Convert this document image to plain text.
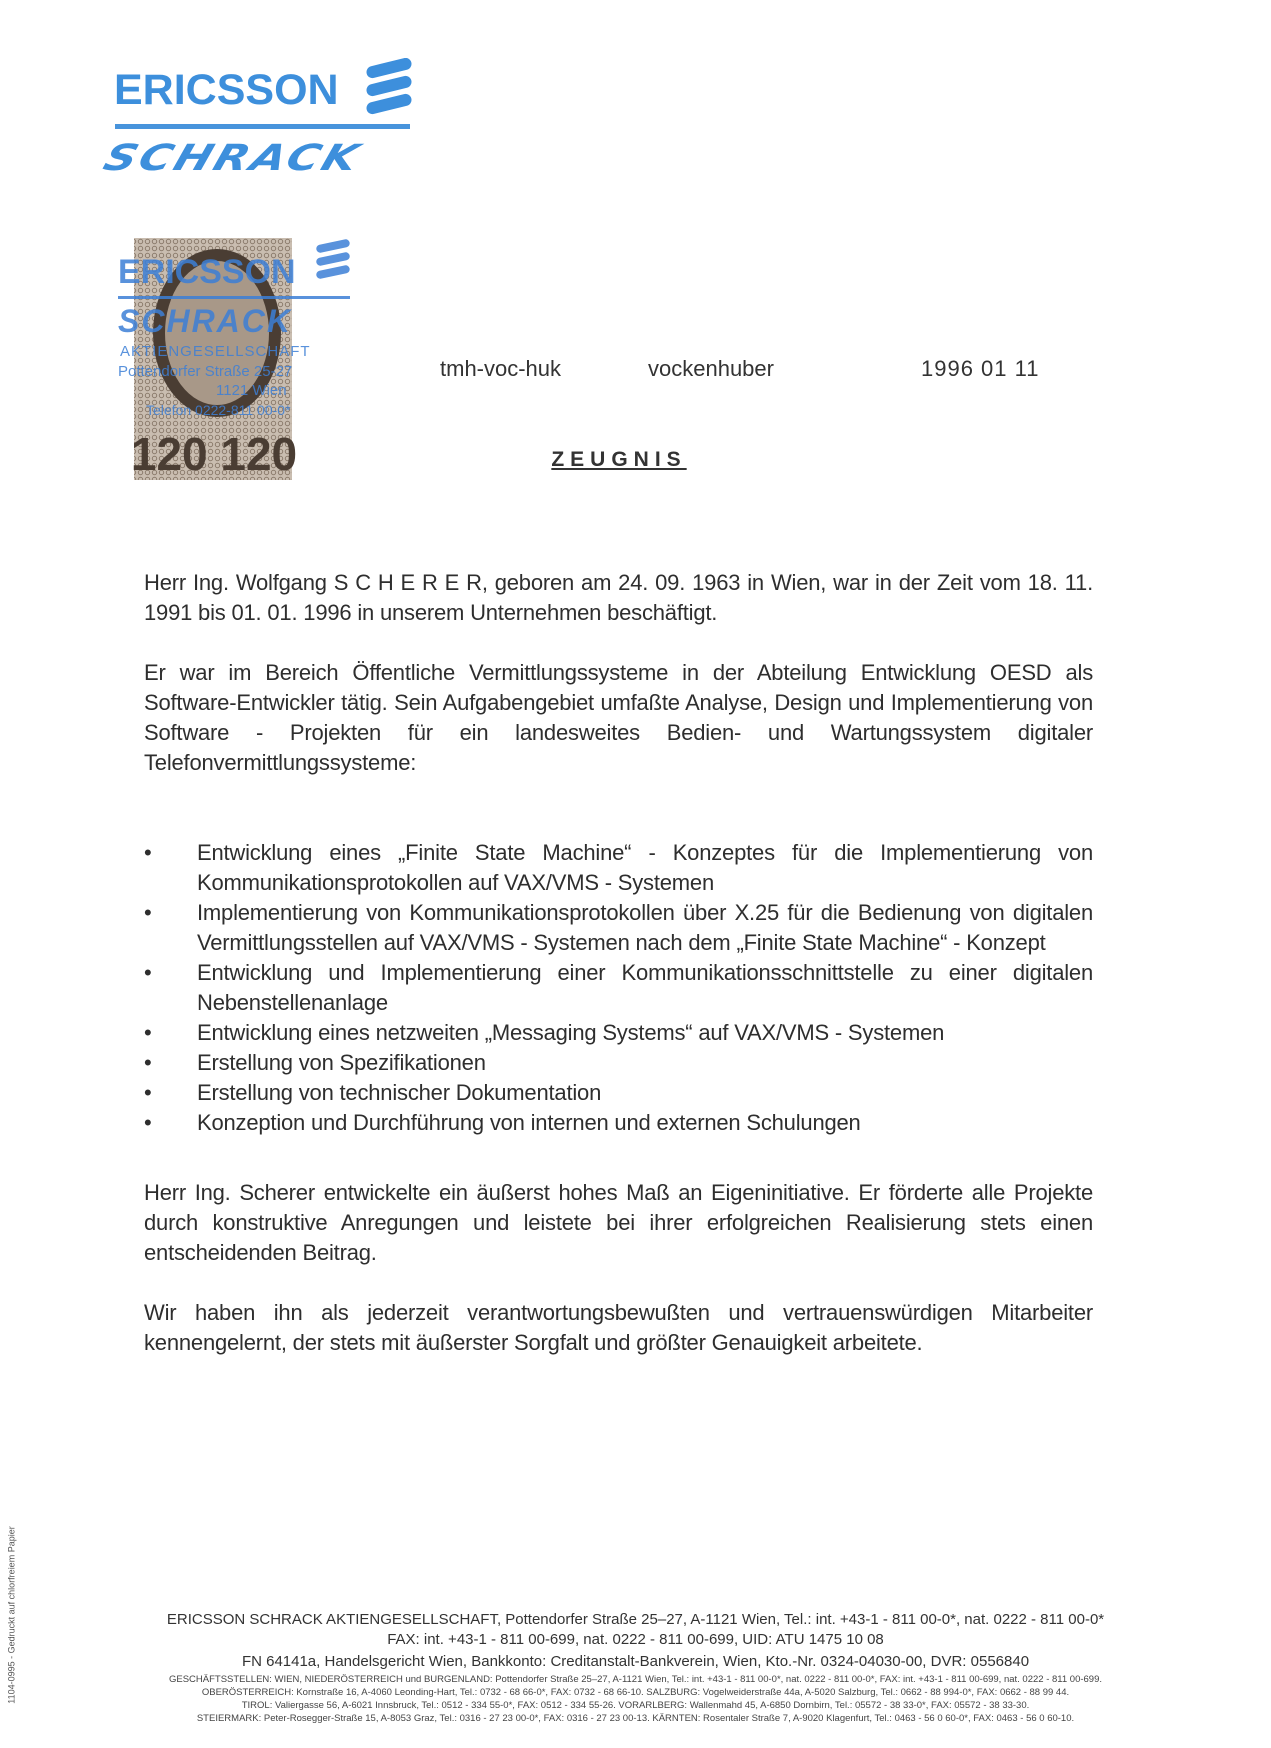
ERICSSON
SCHRACK
120 120
ERICSSON
SCHRACK
AKTIENGESELLSCHAFT
Pottendorfer Straße 25-27
1121 Wien
Telefon 0222-811 00-0*
tmh-voc-huk	vockenhuber	1996 01 11
ZEUGNIS

Herr Ing. Wolfgang S C H E R E R, geboren am 24. 09. 1963 in Wien, war in der Zeit vom 18. 11. 1991 bis 01. 01. 1996 in unserem Unternehmen beschäftigt.

Er war im Bereich Öffentliche Vermittlungssysteme in der Abteilung Entwicklung OESD als Software-Entwickler tätig. Sein Aufgabengebiet umfaßte Analyse, Design und Implementierung von Software - Projekten für ein landesweites Bedien- und Wartungssystem digitaler Telefonvermittlungssysteme:

• Entwicklung eines „Finite State Machine“ - Konzeptes für die Implementierung von Kommunikationsprotokollen auf VAX/VMS - Systemen
• Implementierung von Kommunikationsprotokollen über X.25 für die Bedienung von digitalen Vermittlungsstellen auf VAX/VMS - Systemen nach dem „Finite State Machine“ - Konzept
• Entwicklung und Implementierung einer Kommunikationsschnittstelle zu einer digitalen Nebenstellenanlage
• Entwicklung eines netzweiten „Messaging Systems“ auf VAX/VMS - Systemen
• Erstellung von Spezifikationen
• Erstellung von technischer Dokumentation
• Konzeption und Durchführung von internen und externen Schulungen

Herr Ing. Scherer entwickelte ein äußerst hohes Maß an Eigeninitiative. Er förderte alle Projekte durch konstruktive Anregungen und leistete bei ihrer erfolgreichen Realisierung stets einen entscheidenden Beitrag.

Wir haben ihn als jederzeit verantwortungsbewußten und vertrauenswürdigen Mitarbeiter kennengelernt, der stets mit äußerster Sorgfalt und größter Genauigkeit arbeitete.

ERICSSON SCHRACK AKTIENGESELLSCHAFT, Pottendorfer Straße 25–27, A-1121 Wien, Tel.: int. +43-1 - 811 00-0*, nat. 0222 - 811 00-0*
FAX: int. +43-1 - 811 00-699, nat. 0222 - 811 00-699, UID: ATU 1475 10 08
FN 64141a, Handelsgericht Wien, Bankkonto: Creditanstalt-Bankverein, Wien, Kto.-Nr. 0324-04030-00, DVR: 0556840
GESCHÄFTSSTELLEN: WIEN, NIEDERÖSTERREICH und BURGENLAND: Pottendorfer Straße 25–27, A-1121 Wien, Tel.: int. +43-1 - 811 00-0*, nat. 0222 - 811 00-0*, FAX: int. +43-1 - 811 00-699, nat. 0222 - 811 00-699.
OBERÖSTERREICH: Kornstraße 16, A-4060 Leonding-Hart, Tel.: 0732 - 68 66-0*, FAX: 0732 - 68 66-10. SALZBURG: Vogelweiderstraße 44a, A-5020 Salzburg, Tel.: 0662 - 88 994-0*, FAX: 0662 - 88 99 44.
TIROL: Valiergasse 56, A-6021 Innsbruck, Tel.: 0512 - 334 55-0*, FAX: 0512 - 334 55-26. VORARLBERG: Wallenmahd 45, A-6850 Dornbirn, Tel.: 05572 - 38 33-0*, FAX: 05572 - 38 33-30.
STEIERMARK: Peter-Rosegger-Straße 15, A-8053 Graz, Tel.: 0316 - 27 23 00-0*, FAX: 0316 - 27 23 00-13. KÄRNTEN: Rosentaler Straße 7, A-9020 Klagenfurt, Tel.: 0463 - 56 0 60-0*, FAX: 0463 - 56 0 60-10.
1104-0995 - Gedruckt auf chlorfreiem Papier
